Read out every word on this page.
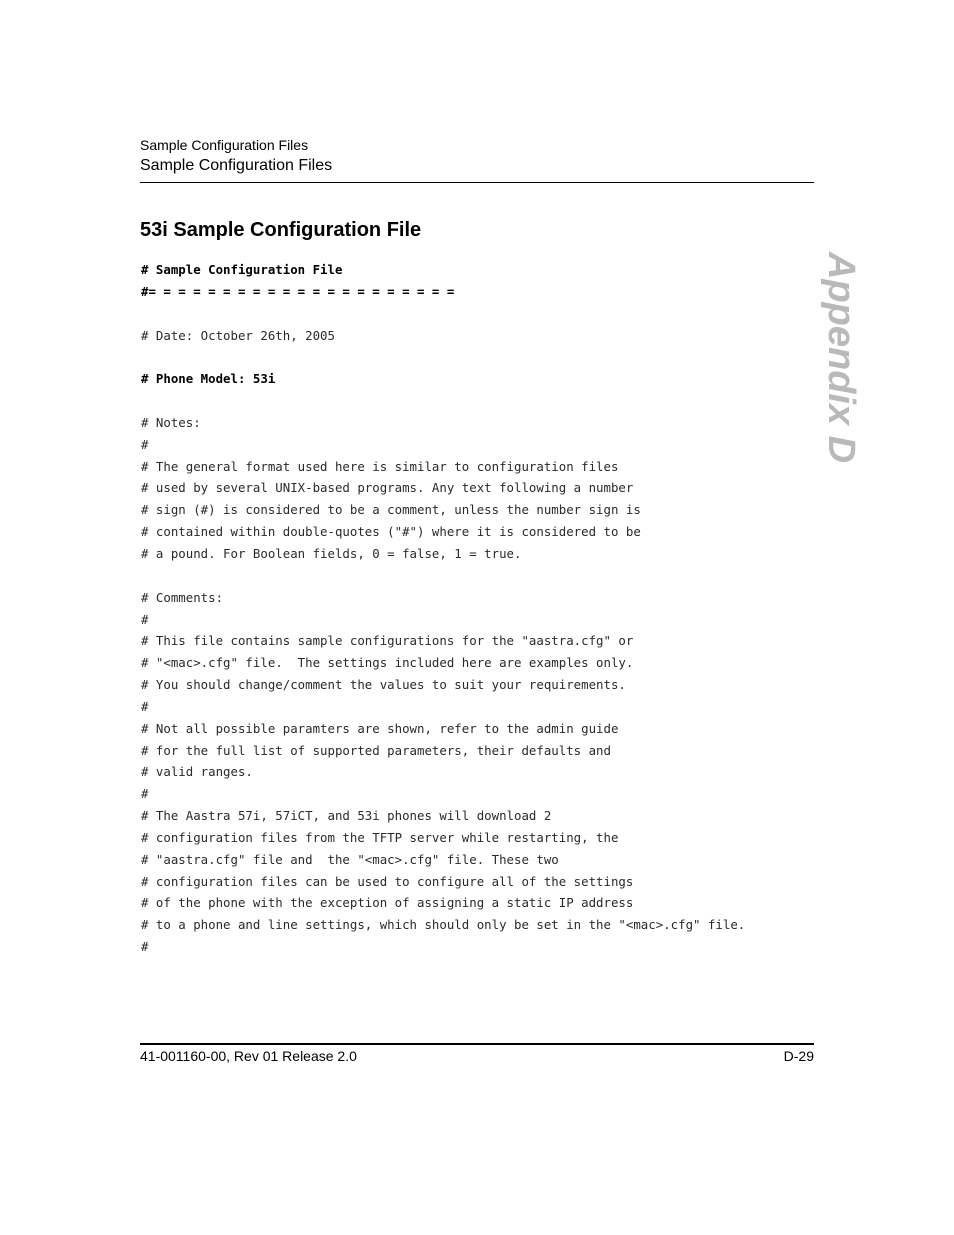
Sample Configuration Files
Sample Configuration Files
Appendix D
53i Sample Configuration File
# Sample Configuration File
#= = = = = = = = = = = = = = = = = = = = =
# Date: October 26th, 2005
# Phone Model: 53i
# Notes:
#
# The general format used here is similar to configuration files
# used by several UNIX-based programs. Any text following a number
# sign (#) is considered to be a comment, unless the number sign is
# contained within double-quotes ("#") where it is considered to be
# a pound. For Boolean fields, 0 = false, 1 = true.
# Comments:
#
# This file contains sample configurations for the "aastra.cfg" or
# "<mac>.cfg" file.  The settings included here are examples only.
# You should change/comment the values to suit your requirements.
#
# Not all possible paramters are shown, refer to the admin guide
# for the full list of supported parameters, their defaults and
# valid ranges.
#
# The Aastra 57i, 57iCT, and 53i phones will download 2
# configuration files from the TFTP server while restarting, the
# "aastra.cfg" file and  the "<mac>.cfg" file. These two
# configuration files can be used to configure all of the settings
# of the phone with the exception of assigning a static IP address
# to a phone and line settings, which should only be set in the "<mac>.cfg" file.
#
41-001160-00, Rev 01 Release 2.0	D-29
